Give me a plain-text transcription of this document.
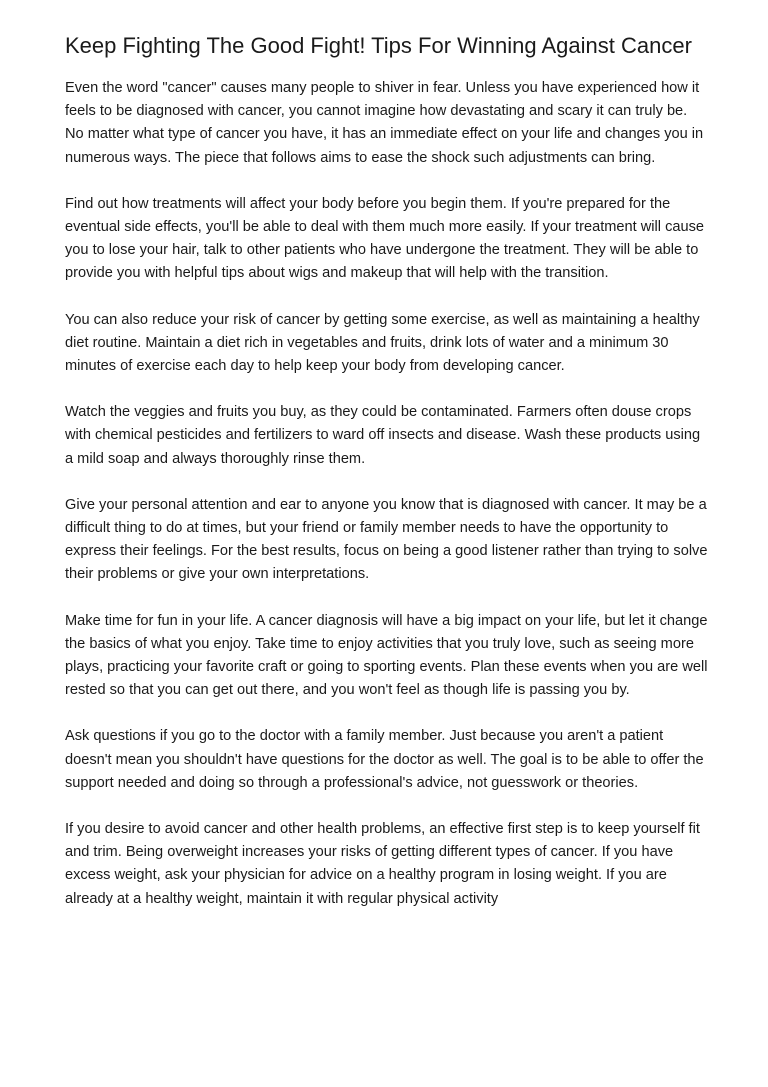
Keep Fighting The Good Fight! Tips For Winning Against Cancer

Even the word "cancer" causes many people to shiver in fear. Unless you have experienced how it feels to be diagnosed with cancer, you cannot imagine how devastating and scary it can truly be. No matter what type of cancer you have, it has an immediate effect on your life and changes you in numerous ways. The piece that follows aims to ease the shock such adjustments can bring.

Find out how treatments will affect your body before you begin them. If you're prepared for the eventual side effects, you'll be able to deal with them much more easily. If your treatment will cause you to lose your hair, talk to other patients who have undergone the treatment. They will be able to provide you with helpful tips about wigs and makeup that will help with the transition.

You can also reduce your risk of cancer by getting some exercise, as well as maintaining a healthy diet routine. Maintain a diet rich in vegetables and fruits, drink lots of water and a minimum 30 minutes of exercise each day to help keep your body from developing cancer.

Watch the veggies and fruits you buy, as they could be contaminated. Farmers often douse crops with chemical pesticides and fertilizers to ward off insects and disease. Wash these products using a mild soap and always thoroughly rinse them.

Give your personal attention and ear to anyone you know that is diagnosed with cancer. It may be a difficult thing to do at times, but your friend or family member needs to have the opportunity to express their feelings. For the best results, focus on being a good listener rather than trying to solve their problems or give your own interpretations.

Make time for fun in your life. A cancer diagnosis will have a big impact on your life, but let it change the basics of what you enjoy. Take time to enjoy activities that you truly love, such as seeing more plays, practicing your favorite craft or going to sporting events. Plan these events when you are well rested so that you can get out there, and you won't feel as though life is passing you by.

Ask questions if you go to the doctor with a family member. Just because you aren't a patient doesn't mean you shouldn't have questions for the doctor as well. The goal is to be able to offer the support needed and doing so through a professional's advice, not guesswork or theories.

If you desire to avoid cancer and other health problems, an effective first step is to keep yourself fit and trim. Being overweight increases your risks of getting different types of cancer. If you have excess weight, ask your physician for advice on a healthy program in losing weight. If you are already at a healthy weight, maintain it with regular physical activity
